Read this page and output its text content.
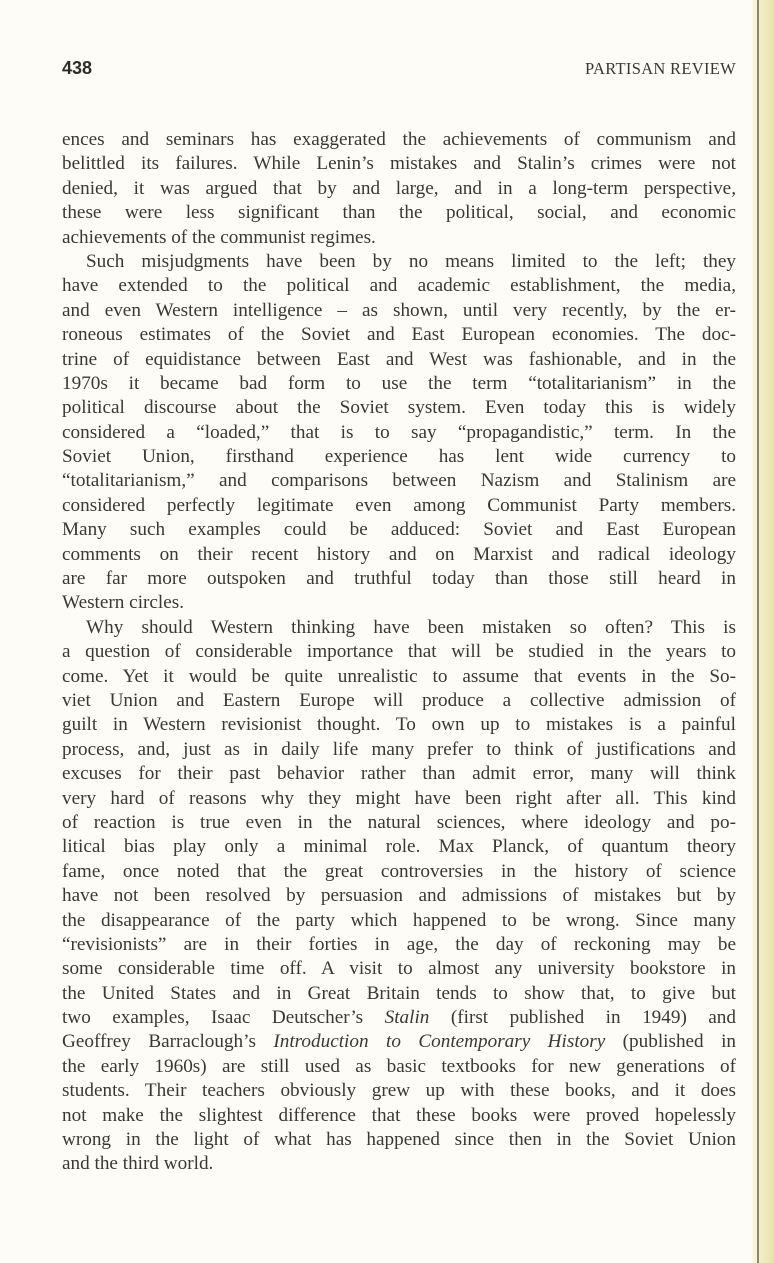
438	PARTISAN REVIEW
ences and seminars has exaggerated the achievements of communism and
belittled its failures. While Lenin’s mistakes and Stalin’s crimes were not
denied, it was argued that by and large, and in a long-term perspective,
these were less significant than the political, social, and economic
achievements of the communist regimes.
Such misjudgments have been by no means limited to the left; they
have extended to the political and academic establishment, the media,
and even Western intelligence – as shown, until very recently, by the er-
roneous estimates of the Soviet and East European economies. The doc-
trine of equidistance between East and West was fashionable, and in the
1970s it became bad form to use the term “totalitarianism” in the
political discourse about the Soviet system. Even today this is widely
considered a “loaded,” that is to say “propagandistic,” term. In the
Soviet Union, firsthand experience has lent wide currency to
“totalitarianism,” and comparisons between Nazism and Stalinism are
considered perfectly legitimate even among Communist Party members.
Many such examples could be adduced: Soviet and East European
comments on their recent history and on Marxist and radical ideology
are far more outspoken and truthful today than those still heard in
Western circles.
Why should Western thinking have been mistaken so often? This is
a question of considerable importance that will be studied in the years to
come. Yet it would be quite unrealistic to assume that events in the So-
viet Union and Eastern Europe will produce a collective admission of
guilt in Western revisionist thought. To own up to mistakes is a painful
process, and, just as in daily life many prefer to think of justifications and
excuses for their past behavior rather than admit error, many will think
very hard of reasons why they might have been right after all. This kind
of reaction is true even in the natural sciences, where ideology and po-
litical bias play only a minimal role. Max Planck, of quantum theory
fame, once noted that the great controversies in the history of science
have not been resolved by persuasion and admissions of mistakes but by
the disappearance of the party which happened to be wrong. Since many
“revisionists” are in their forties in age, the day of reckoning may be
some considerable time off. A visit to almost any university bookstore in
the United States and in Great Britain tends to show that, to give but
two examples, Isaac Deutscher’s Stalin (first published in 1949) and
Geoffrey Barraclough’s Introduction to Contemporary History (published in
the early 1960s) are still used as basic textbooks for new generations of
students. Their teachers obviously grew up with these books, and it does
not make the slightest difference that these books were proved hopelessly
wrong in the light of what has happened since then in the Soviet Union
and the third world.
